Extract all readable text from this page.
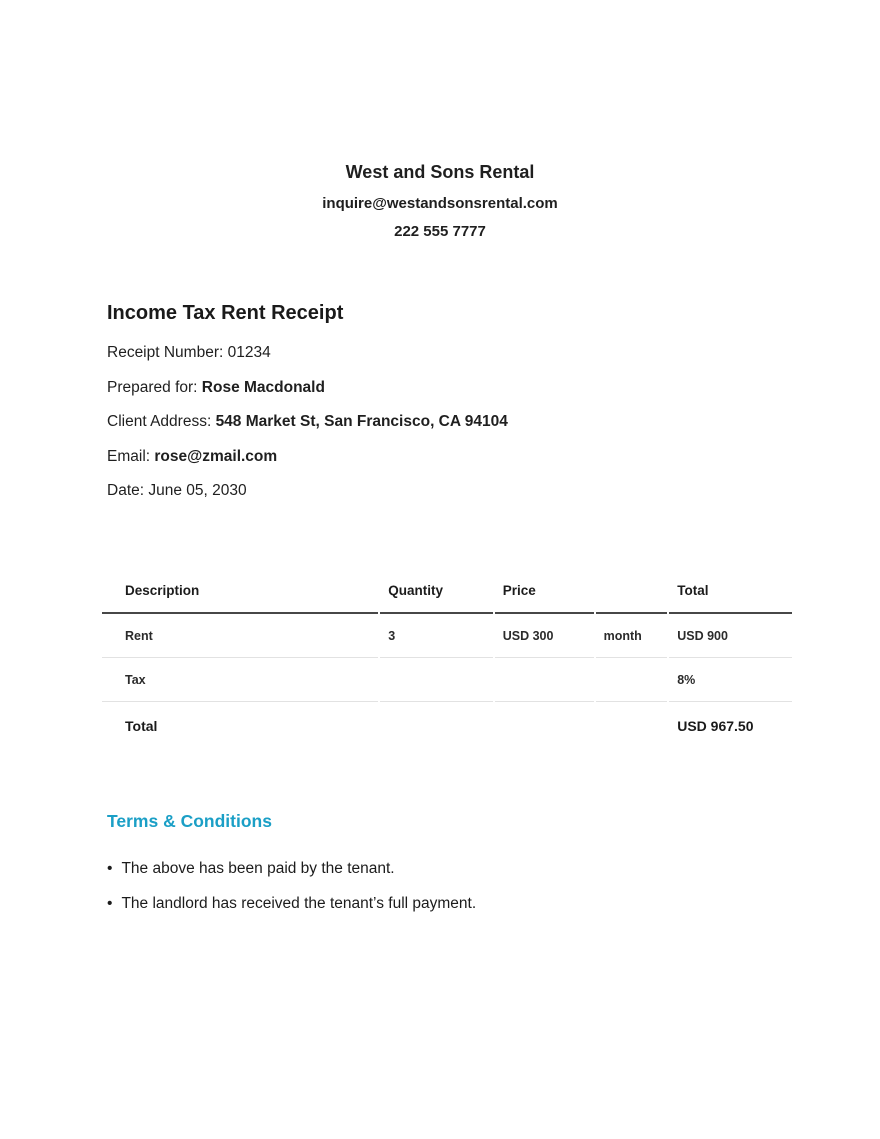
West and Sons Rental
inquire@westandsonsrental.com
222 555 7777
Income Tax Rent Receipt

Receipt Number: 01234

Prepared for: Rose Macdonald

Client Address: 548 Market St, San Francisco, CA 94104

Email: rose@zmail.com

Date: June 05, 2030

Description	Quantity	Price		Total
Rent	3	USD 300	month	USD 900
Tax				8%
Total				USD 967.50
Terms & Conditions

• The above has been paid by the tenant.

• The landlord has received the tenant’s full payment.
